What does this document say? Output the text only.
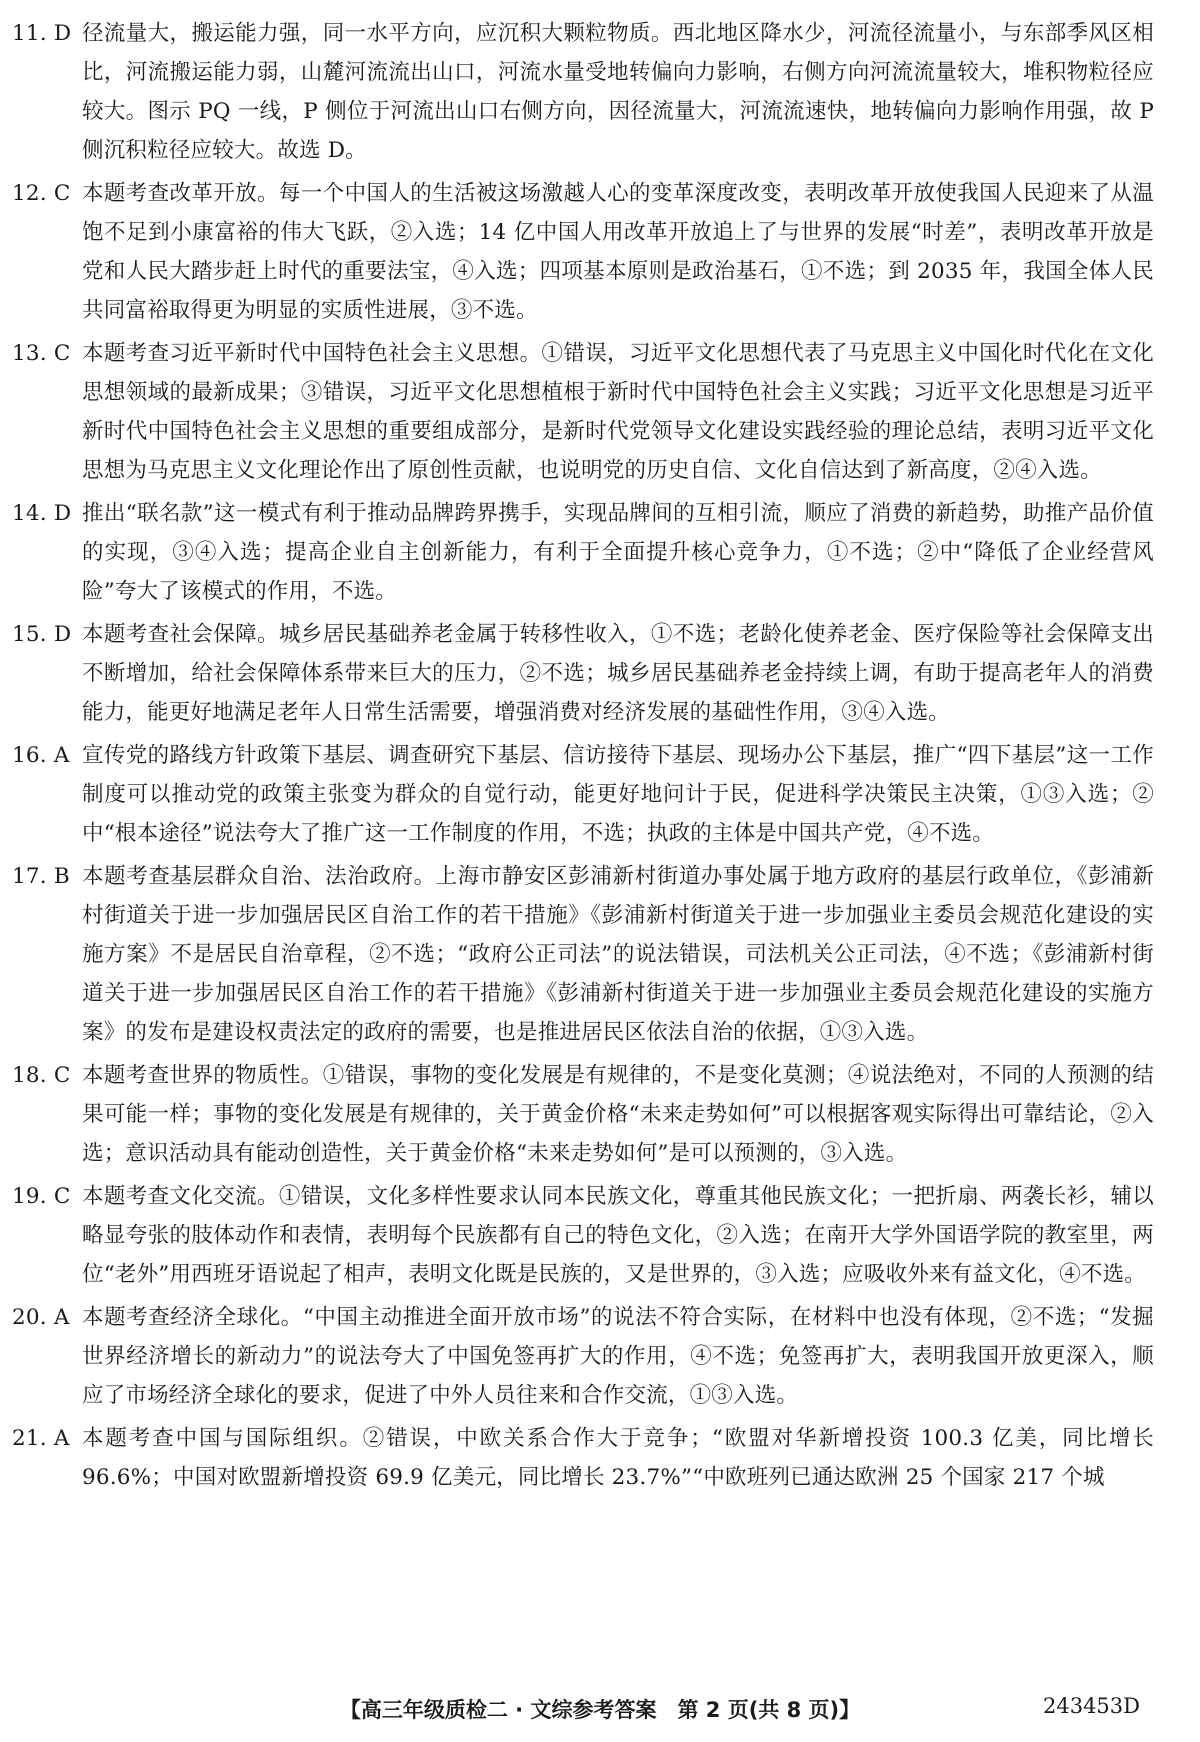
11. D 径流量大，搬运能力强，同一水平方向，应沉积大颗粒物质。西北地区降水少，河流径流量小，与东部季风区相比，河流搬运能力弱，山麓河流流出山口，河流水量受地转偏向力影响，右侧方向河流流量较大，堆积物粒径应较大。图示 PQ 一线，P 侧位于河流出山口右侧方向，因径流量大，河流流速快，地转偏向力影响作用强，故 P 侧沉积粒径应较大。故选 D。
12. C 本题考查改革开放。每一个中国人的生活被这场激越人心的变革深度改变，表明改革开放使我国人民迎来了从温饱不足到小康富裕的伟大飞跃，②入选；14 亿中国人用改革开放追上了与世界的发展“时差”，表明改革开放是党和人民大踏步赶上时代的重要法宝，④入选；四项基本原则是政治基石，①不选；到 2035 年，我国全体人民共同富裕取得更为明显的实质性进展，③不选。
13. C 本题考查习近平新时代中国特色社会主义思想。①错误，习近平文化思想代表了马克思主义中国化时代化在文化思想领域的最新成果；③错误，习近平文化思想植根于新时代中国特色社会主义实践；习近平文化思想是习近平新时代中国特色社会主义思想的重要组成部分，是新时代党领导文化建设实践经验的理论总结，表明习近平文化思想为马克思主义文化理论作出了原创性贡献，也说明党的历史自信、文化自信达到了新高度，②④入选。
14. D 推出“联名款”这一模式有利于推动品牌跨界携手，实现品牌间的互相引流，顺应了消费的新趋势，助推产品价值的实现，③④入选；提高企业自主创新能力，有利于全面提升核心竞争力，①不选；②中“降低了企业经营风险”夸大了该模式的作用，不选。
15. D 本题考查社会保障。城乡居民基础养老金属于转移性收入，①不选；老龄化使养老金、医疗保险等社会保障支出不断增加，给社会保障体系带来巨大的压力，②不选；城乡居民基础养老金持续上调，有助于提高老年人的消费能力，能更好地满足老年人日常生活需要，增强消费对经济发展的基础性作用，③④入选。
16. A 宣传党的路线方针政策下基层、调查研究下基层、信访接待下基层、现场办公下基层，推广“四下基层”这一工作制度可以推动党的政策主张变为群众的自觉行动，能更好地问计于民，促进科学决策民主决策，①③入选；②中“根本途径”说法夸大了推广这一工作制度的作用，不选；执政的主体是中国共产党，④不选。
17. B 本题考查基层群众自治、法治政府。上海市静安区彭浦新村街道办事处属于地方政府的基层行政单位，《彭浦新村街道关于进一步加强居民区自治工作的若干措施》《彭浦新村街道关于进一步加强业主委员会规范化建设的实施方案》不是居民自治章程，②不选；“政府公正司法”的说法错误，司法机关公正司法，④不选；《彭浦新村街道关于进一步加强居民区自治工作的若干措施》《彭浦新村街道关于进一步加强业主委员会规范化建设的实施方案》的发布是建设权责法定的政府的需要，也是推进居民区依法自治的依据，①③入选。
18. C 本题考查世界的物质性。①错误，事物的变化发展是有规律的，不是变化莫测；④说法绝对，不同的人预测的结果可能一样；事物的变化发展是有规律的，关于黄金价格“未来走势如何”可以根据客观实际得出可靠结论，②入选；意识活动具有能动创造性，关于黄金价格“未来走势如何”是可以预测的，③入选。
19. C 本题考查文化交流。①错误，文化多样性要求认同本民族文化，尊重其他民族文化；一把折扇、两袭长衫，辅以略显夸张的肢体动作和表情，表明每个民族都有自己的特色文化，②入选；在南开大学外国语学院的教室里，两位“老外”用西班牙语说起了相声，表明文化既是民族的，又是世界的，③入选；应吸收外来有益文化，④不选。
20. A 本题考查经济全球化。“中国主动推进全面开放市场”的说法不符合实际，在材料中也没有体现，②不选；“发掘世界经济增长的新动力”的说法夸大了中国免签再扩大的作用，④不选；免签再扩大，表明我国开放更深入，顺应了市场经济全球化的要求，促进了中外人员往来和合作交流，①③入选。
21. A 本题考查中国与国际组织。②错误，中欧关系合作大于竞争；“欧盟对华新增投资 100.3 亿美，同比增长 96.6%；中国对欧盟新增投资 69.9 亿美元，同比增长 23.7%”“中欧班列已通达欧洲 25 个国家 217 个城
【高三年级质检二 · 文综参考答案　第 2 页(共 8 页)】	243453D
